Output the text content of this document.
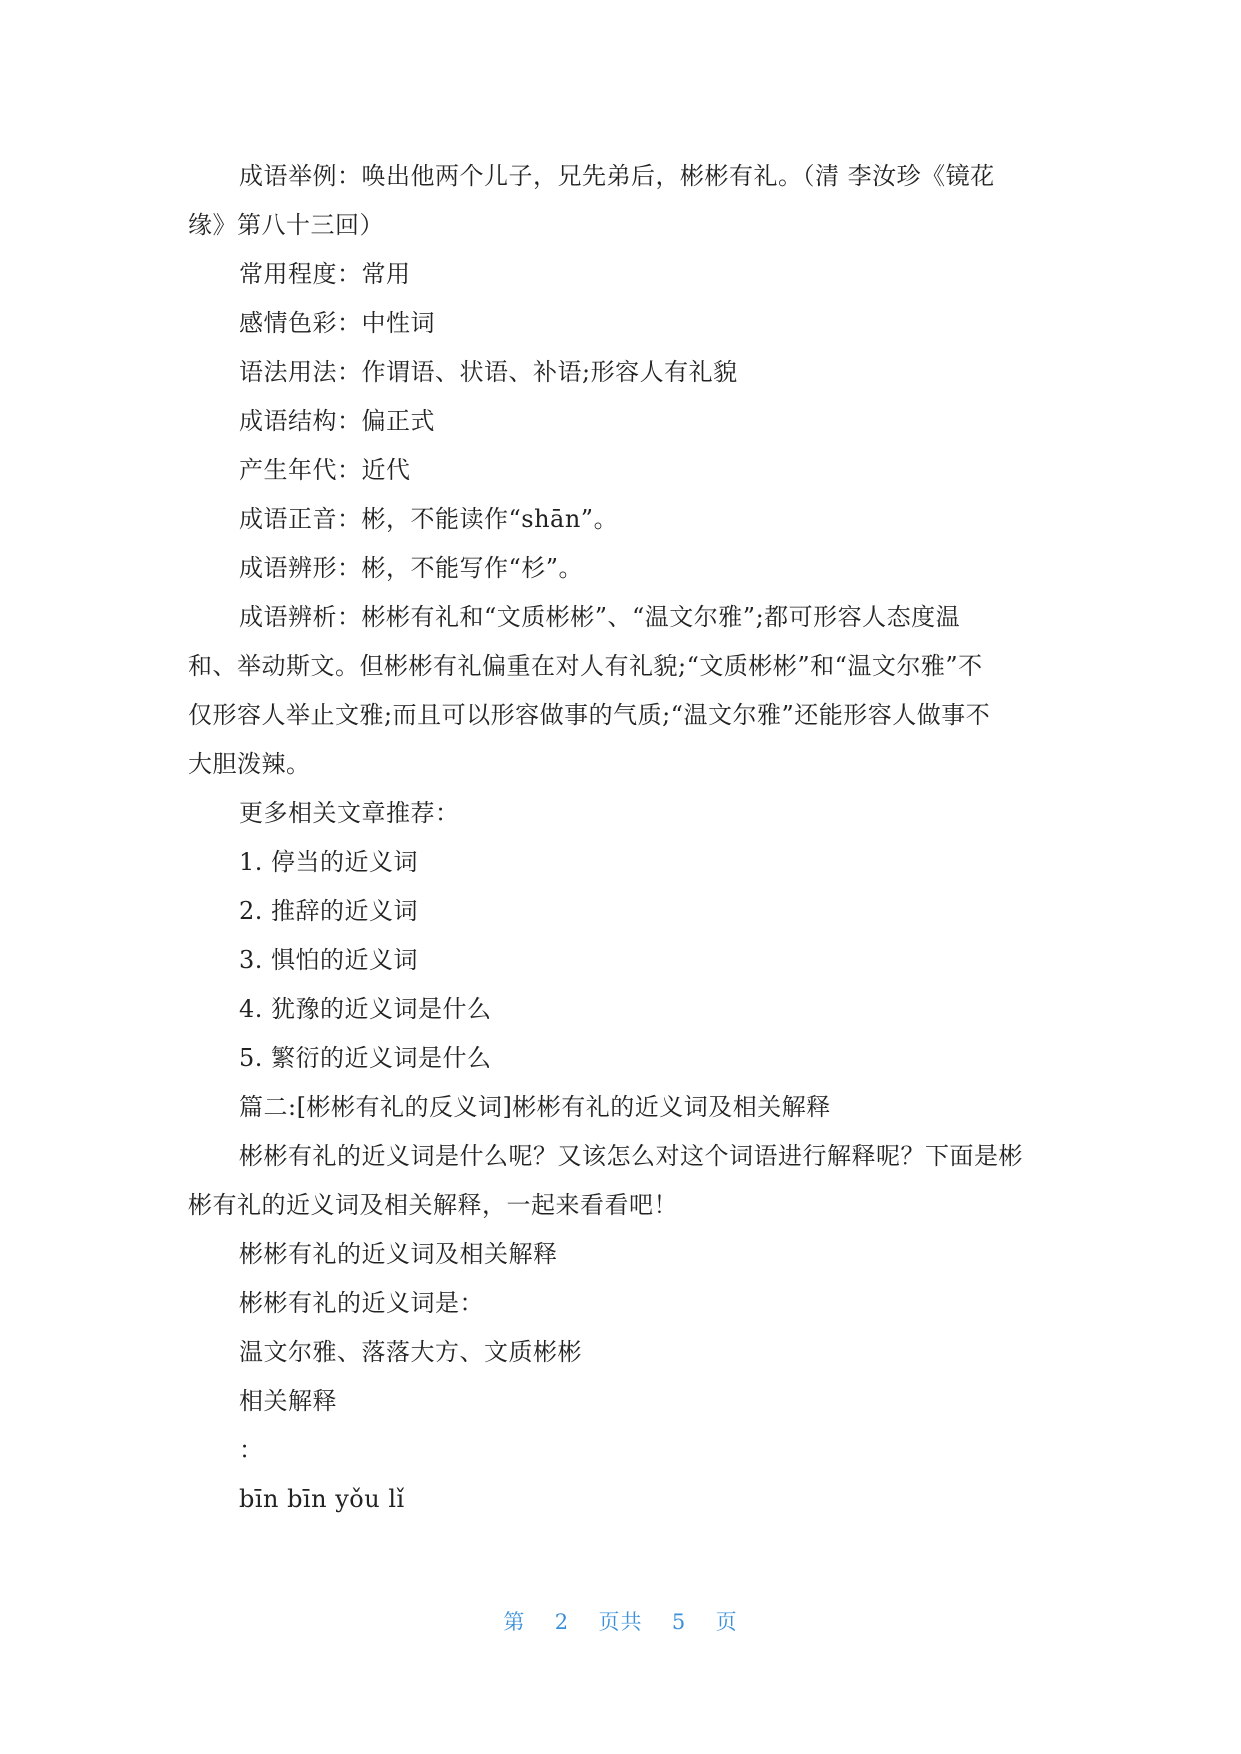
成语举例：唤出他两个儿子，兄先弟后，彬彬有礼。（清 李汝珍《镜花
缘》第八十三回）
常用程度：常用
感情色彩：中性词
语法用法：作谓语、状语、补语;形容人有礼貌
成语结构：偏正式
产生年代：近代
成语正音：彬，不能读作“shān”。
成语辨形：彬，不能写作“杉”。
成语辨析：彬彬有礼和“文质彬彬”、“温文尔雅”;都可形容人态度温
和、举动斯文。但彬彬有礼偏重在对人有礼貌;“文质彬彬”和“温文尔雅”不
仅形容人举止文雅;而且可以形容做事的气质;“温文尔雅”还能形容人做事不
大胆泼辣。
更多相关文章推荐：
1. 停当的近义词
2. 推辞的近义词
3. 惧怕的近义词
4. 犹豫的近义词是什么
5. 繁衍的近义词是什么
篇二:[彬彬有礼的反义词]彬彬有礼的近义词及相关解释
彬彬有礼的近义词是什么呢？又该怎么对这个词语进行解释呢？下面是彬
彬有礼的近义词及相关解释，一起来看看吧！
彬彬有礼的近义词及相关解释
彬彬有礼的近义词是：
温文尔雅、落落大方、文质彬彬
相关解释
：
bīn bīn yǒu lǐ
第 2 页共 5 页
